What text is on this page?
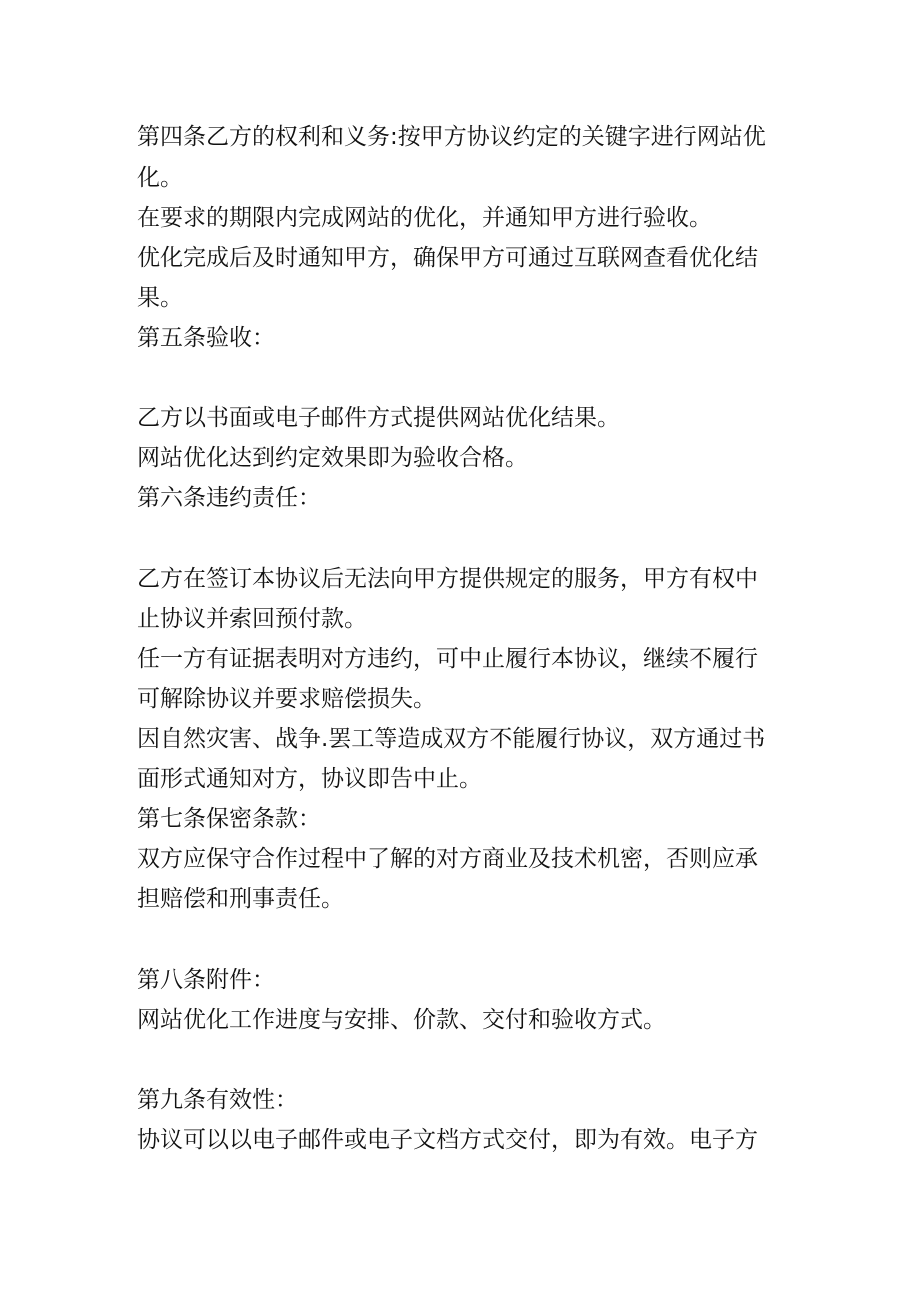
第四条乙方的权利和义务:按甲方协议约定的关键字进行网站优
化。
在要求的期限内完成网站的优化，并通知甲方进行验收。
优化完成后及时通知甲方，确保甲方可通过互联网查看优化结
果。
第五条验收：
乙方以书面或电子邮件方式提供网站优化结果。
网站优化达到约定效果即为验收合格。
第六条违约责任：
乙方在签订本协议后无法向甲方提供规定的服务，甲方有权中
止协议并索回预付款。
任一方有证据表明对方违约，可中止履行本协议，继续不履行
可解除协议并要求赔偿损失。
因自然灾害、战争.罢工等造成双方不能履行协议，双方通过书
面形式通知对方，协议即告中止。
第七条保密条款：
双方应保守合作过程中了解的对方商业及技术机密，否则应承
担赔偿和刑事责任。
第八条附件：
网站优化工作进度与安排、价款、交付和验收方式。
第九条有效性：
协议可以以电子邮件或电子文档方式交付，即为有效。电子方
